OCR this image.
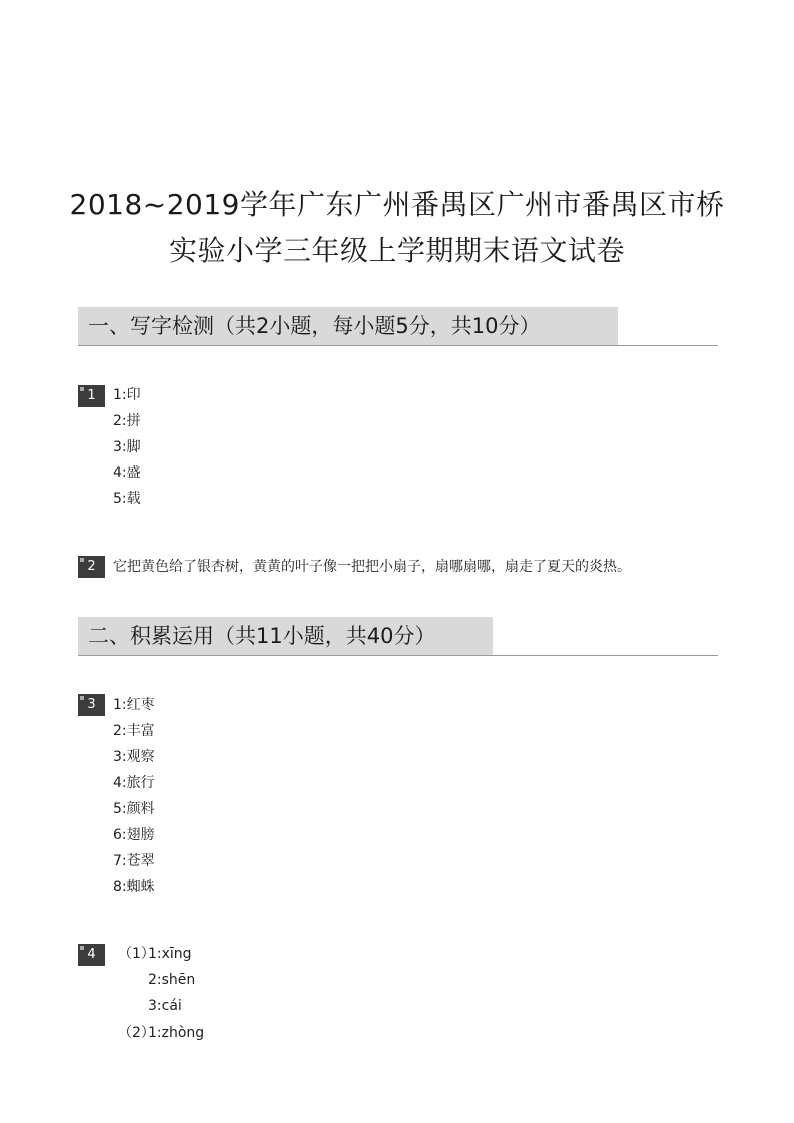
2018~2019学年广东广州番禺区广州市番禺区市桥
实验小学三年级上学期期末语文试卷
一、写字检测（共2小题，每小题5分，共10分）
1	1:印
2:拼
3:脚
4:盛
5:载
2	它把黄色给了银杏树，黄黄的叶子像一把把小扇子，扇哪扇哪，扇走了夏天的炎热。
二、积累运用（共11小题，共40分）
3	1:红枣
2:丰富
3:观察
4:旅行
5:颜料
6:翅膀
7:苍翠
8:蜘蛛
4	（1）
1:xīng
2:shēn
3:cái
（2）
1:zhòng
